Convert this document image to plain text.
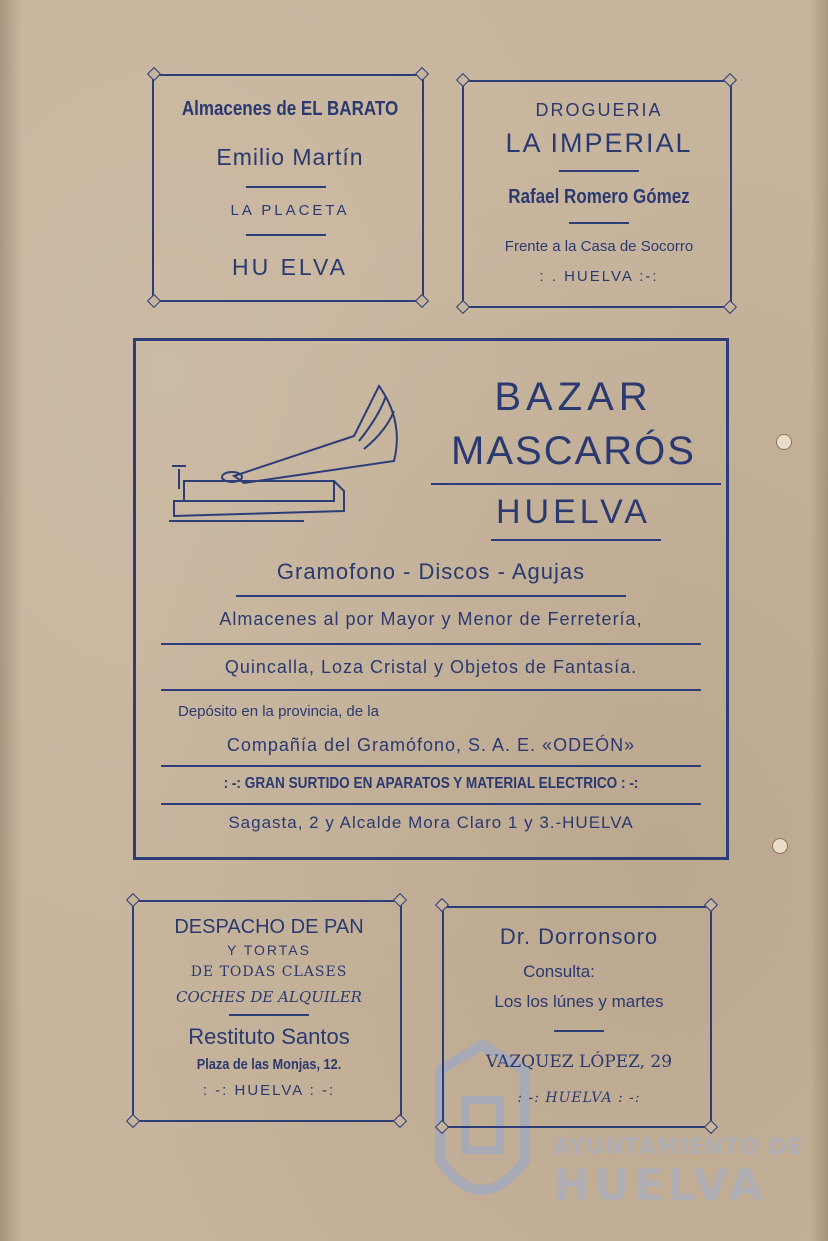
AYUNTAMIENTO DE
HUELVA
Almacenes de EL BARATO
Emilio Martín
LA PLACETA
HU ELVA
DROGUERIA
LA IMPERIAL
Rafael Romero Gómez
Frente a la Casa de Socorro
: . HUELVA :-:
BAZAR
MASCARÓS
HUELVA
Gramofono - Discos - Agujas
Almacenes al por Mayor y Menor de Ferretería,
Quincalla, Loza Cristal y Objetos de Fantasía.
Depósito en la provincia, de la
Compañía del Gramófono, S. A. E. «ODEÓN»
: -: GRAN SURTIDO EN APARATOS Y MATERIAL ELECTRICO : -:
Sagasta, 2 y Alcalde Mora Claro 1 y 3.-HUELVA
DESPACHO DE PAN
Y TORTAS
DE TODAS CLASES
COCHES DE ALQUILER
Restituto Santos
Plaza de las Monjas, 12.
: -: HUELVA : -:
Dr. Dorronsoro
Consulta:
Los los lúnes y martes
VAZQUEZ LÓPEZ, 29
: -: HUELVA : -:
